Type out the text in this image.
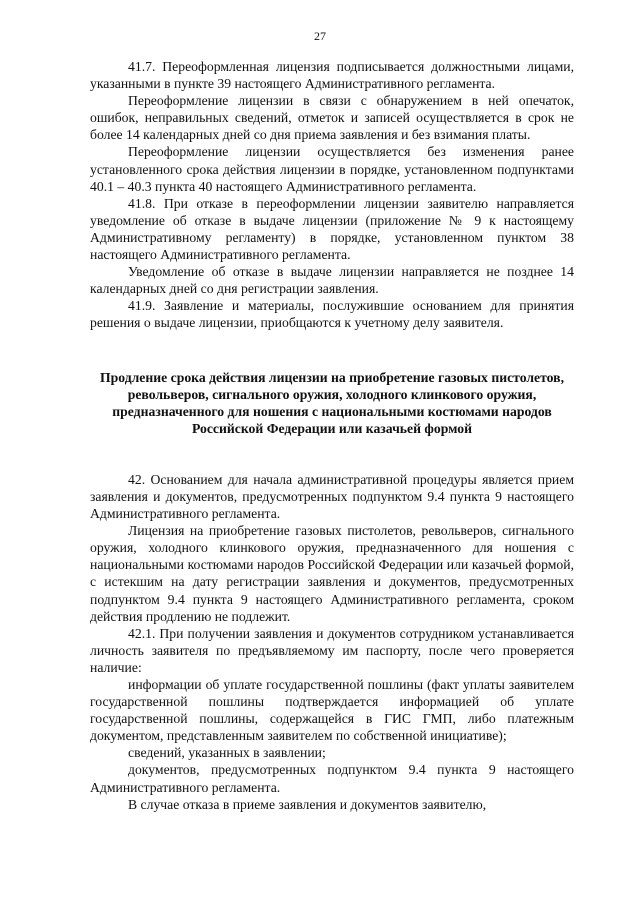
27

41.7. Переоформленная лицензия подписывается должностными лицами, указанными в пункте 39 настоящего Административного регламента.

Переоформление лицензии в связи с обнаружением в ней опечаток, ошибок, неправильных сведений, отметок и записей осуществляется в срок не более 14 календарных дней со дня приема заявления и без взимания платы.

Переоформление лицензии осуществляется без изменения ранее установленного срока действия лицензии в порядке, установленном подпунктами 40.1 – 40.3 пункта 40 настоящего Административного регламента.

41.8. При отказе в переоформлении лицензии заявителю направляется уведомление об отказе в выдаче лицензии (приложение № 9 к настоящему Административному регламенту) в порядке, установленном пунктом 38 настоящего Административного регламента.

Уведомление об отказе в выдаче лицензии направляется не позднее 14 календарных дней со дня регистрации заявления.

41.9. Заявление и материалы, послужившие основанием для принятия решения о выдаче лицензии, приобщаются к учетному делу заявителя.

Продление срока действия лицензии на приобретение газовых пистолетов, револьверов, сигнального оружия, холодного клинкового оружия, предназначенного для ношения с национальными костюмами народов Российской Федерации или казачьей формой

42. Основанием для начала административной процедуры является прием заявления и документов, предусмотренных подпунктом 9.4 пункта 9 настоящего Административного регламента.

Лицензия на приобретение газовых пистолетов, револьверов, сигнального оружия, холодного клинкового оружия, предназначенного для ношения с национальными костюмами народов Российской Федерации или казачьей формой, с истекшим на дату регистрации заявления и документов, предусмотренных подпунктом 9.4 пункта 9 настоящего Административного регламента, сроком действия продлению не подлежит.

42.1. При получении заявления и документов сотрудником устанавливается личность заявителя по предъявляемому им паспорту, после чего проверяется наличие:

информации об уплате государственной пошлины (факт уплаты заявителем государственной пошлины подтверждается информацией об уплате государственной пошлины, содержащейся в ГИС ГМП, либо платежным документом, представленным заявителем по собственной инициативе);

сведений, указанных в заявлении;

документов, предусмотренных подпунктом 9.4 пункта 9 настоящего Административного регламента.

В случае отказа в приеме заявления и документов заявителю,
